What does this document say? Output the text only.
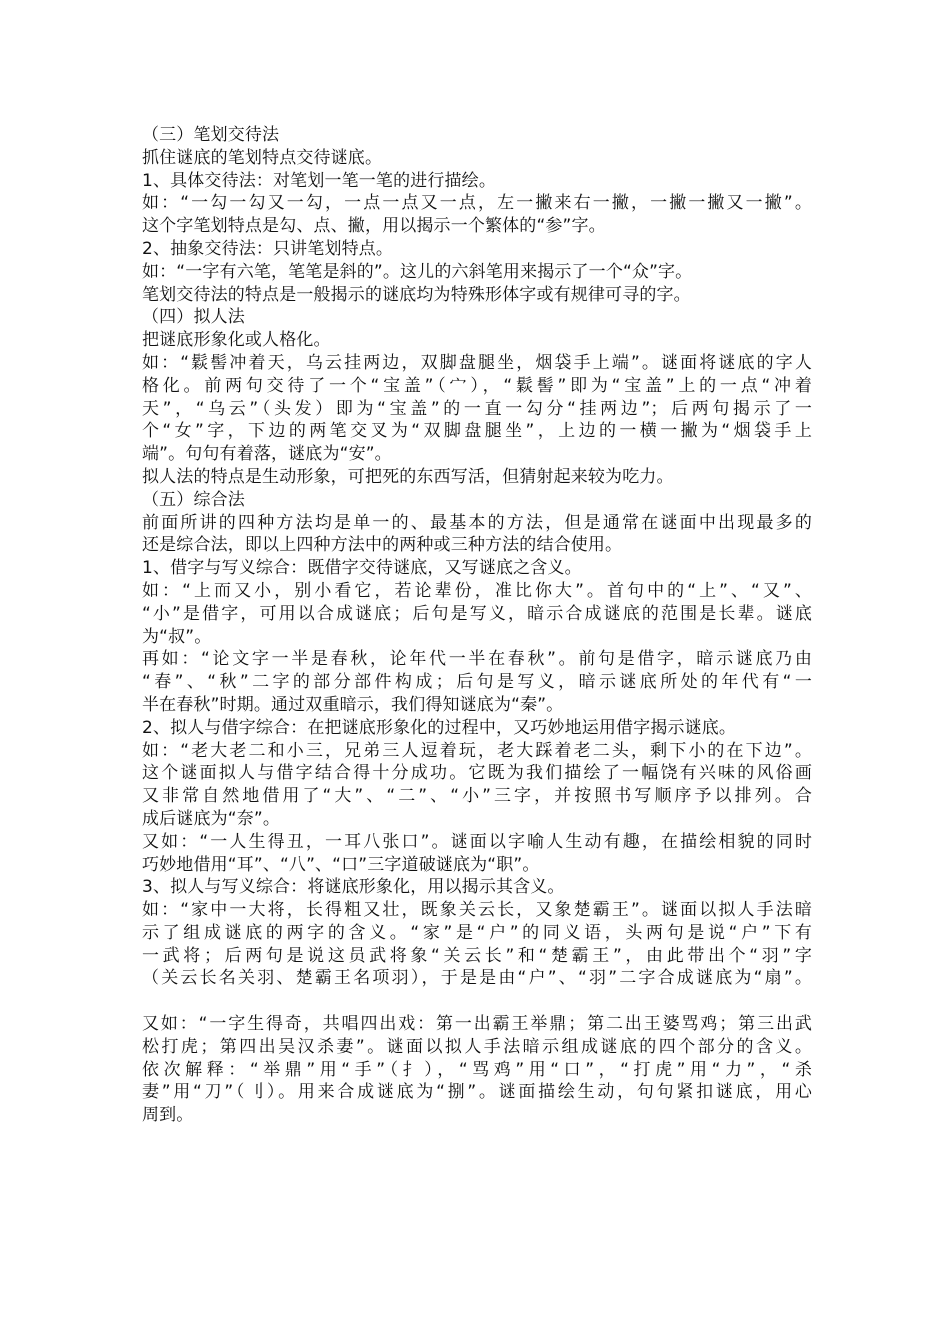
（三）笔划交待法
抓住谜底的笔划特点交待谜底。
1、具体交待法：对笔划一笔一笔的进行描绘。
如：“一勾一勾又一勾，一点一点又一点，左一撇来右一撇，一撇一撇又一撇”。
这个字笔划特点是勾、点、撇，用以揭示一个繁体的“参”字。
2、抽象交待法：只讲笔划特点。
如：“一字有六笔，笔笔是斜的”。这儿的六斜笔用来揭示了一个“众”字。
笔划交待法的特点是一般揭示的谜底均为特殊形体字或有规律可寻的字。
（四）拟人法
把谜底形象化或人格化。
如：“鬏髻冲着天，乌云挂两边，双脚盘腿坐，烟袋手上端”。谜面将谜底的字人
格化。前两句交待了一个“宝盖”（宀），“鬏髻”即为“宝盖”上的一点“冲着
天”，“乌云”（头发）即为“宝盖”的一直一勾分“挂两边”；后两句揭示了一
个“女”字，下边的两笔交叉为“双脚盘腿坐”，上边的一横一撇为“烟袋手上
端”。句句有着落，谜底为“安”。
拟人法的特点是生动形象，可把死的东西写活，但猜射起来较为吃力。
（五）综合法
前面所讲的四种方法均是单一的、最基本的方法，但是通常在谜面中出现最多的
还是综合法，即以上四种方法中的两种或三种方法的结合使用。
1、借字与写义综合：既借字交待谜底，又写谜底之含义。
如：“上而又小，别小看它，若论辈份，准比你大”。首句中的“上”、“又”、
“小”是借字，可用以合成谜底；后句是写义，暗示合成谜底的范围是长辈。谜底
为“叔”。
再如：“论文字一半是春秋，论年代一半在春秋”。前句是借字，暗示谜底乃由
“春”、“秋”二字的部分部件构成；后句是写义，暗示谜底所处的年代有“一
半在春秋”时期。通过双重暗示，我们得知谜底为“秦”。
2、拟人与借字综合：在把谜底形象化的过程中，又巧妙地运用借字揭示谜底。
如：“老大老二和小三，兄弟三人逗着玩，老大踩着老二头，剩下小的在下边”。
这个谜面拟人与借字结合得十分成功。它既为我们描绘了一幅饶有兴味的风俗画
又非常自然地借用了“大”、“二”、“小”三字，并按照书写顺序予以排列。合
成后谜底为“奈”。
又如：“一人生得丑，一耳八张口”。谜面以字喻人生动有趣，在描绘相貌的同时
巧妙地借用“耳”、“八”、“口”三字道破谜底为“职”。
3、拟人与写义综合：将谜底形象化，用以揭示其含义。
如：“家中一大将，长得粗又壮，既象关云长，又象楚霸王”。谜面以拟人手法暗
示了组成谜底的两字的含义。“家”是“户”的同义语，头两句是说“户”下有
一武将；后两句是说这员武将象“关云长”和“楚霸王”，由此带出个“羽”字
（关云长名关羽、楚霸王名项羽），于是是由“户”、“羽”二字合成谜底为“扇”。
又如：“一字生得奇，共唱四出戏：第一出霸王举鼎；第二出王婆骂鸡；第三出武
松打虎；第四出吴汉杀妻”。谜面以拟人手法暗示组成谜底的四个部分的含义。
依次解释：“举鼎”用“手”（扌），“骂鸡”用“口”，“打虎”用“力”，“杀
妻”用“刀”（刂）。用来合成谜底为“捌”。谜面描绘生动，句句紧扣谜底，用心
周到。
